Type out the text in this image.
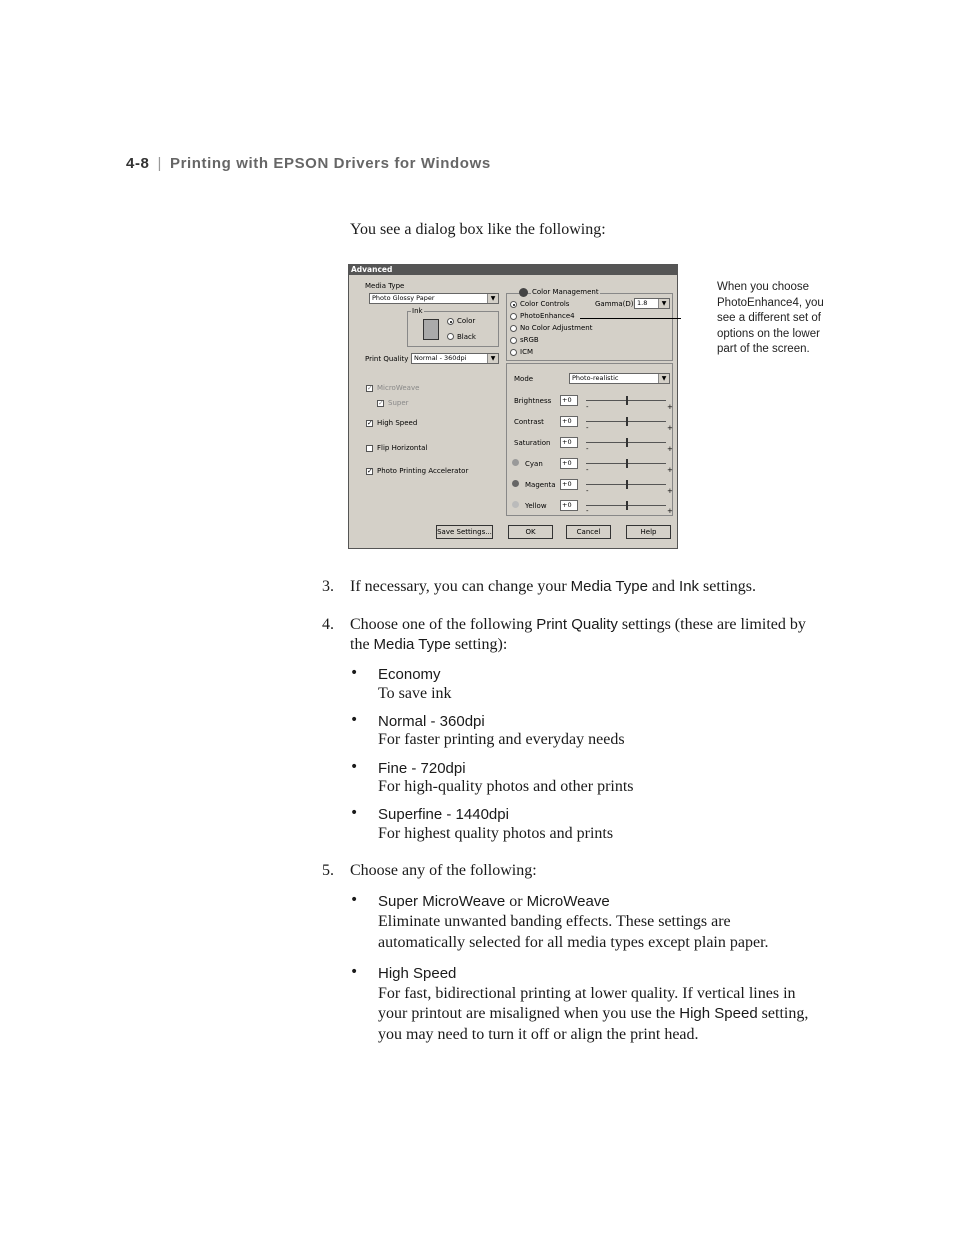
4-8 | Printing with EPSON Drivers for Windows
You see a dialog box like the following:
Advanced
Media Type
Photo Glossy Paper	▼
Ink
Color
Black
Print Quality Normal - 360dpi	▼
✓ MicroWeave
✓ Super
✓ High Speed
Flip Horizontal
✓ Photo Printing Accelerator
Color Management
Color Controls	Gamma(D) 1.8	▼
PhotoEnhance4
No Color Adjustment
sRGB
ICM
Mode	Photo-realistic	▼
Brightness	+0
-	+
Contrast	+0
-	+
Saturation	+0
-	+
Cyan	+0
-	+
Magenta +0
-	+
Yellow	+0
-	+
Save Settings...	OK	Cancel	Help
When you choose PhotoEnhance4, you see a different set of options on the lower part of the screen.
3. If necessary, you can change your Media Type and Ink settings.
4. Choose one of the following Print Quality settings (these are limited by
the Media Type setting):
• Economy
To save ink
• Normal - 360dpi
For faster printing and everyday needs
• Fine - 720dpi
For high-quality photos and other prints
• Superfine - 1440dpi
For highest quality photos and prints
5. Choose any of the following:
• Super MicroWeave or MicroWeave
Eliminate unwanted banding effects. These settings are
automatically selected for all media types except plain paper.
• High Speed
For fast, bidirectional printing at lower quality. If vertical lines in
your printout are misaligned when you use the High Speed setting,
you may need to turn it off or align the print head.
